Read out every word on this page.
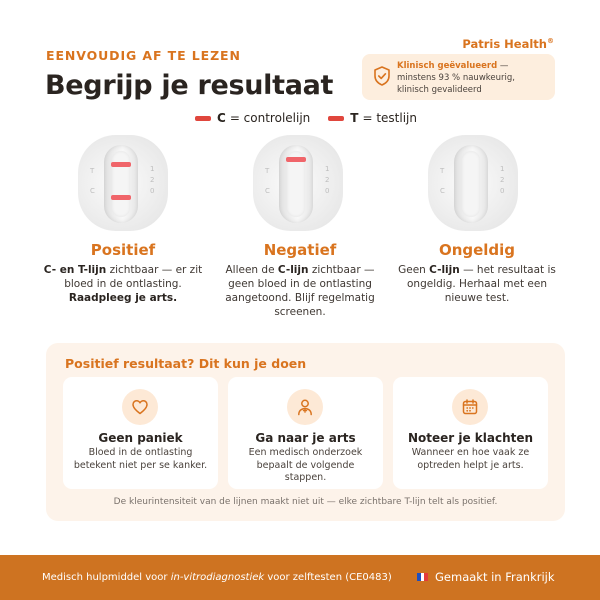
EENVOUDIG AF TE LEZEN
Begrijp je resultaat
Patris Health®
Klinisch geëvalueerd — minstens 93 % nauwkeurig, klinisch gevalideerd
C = controlelijn	T = testlijn
T
C
1
2
0
T
C
1
2
0
T
C
1
2
0
Positief
C- en T-lijn zichtbaar — er zit bloed in de ontlasting. Raadpleeg je arts.
Negatief
Alleen de C-lijn zichtbaar — geen bloed in de ontlasting aangetoond. Blijf regelmatig screenen.
Ongeldig
Geen C-lijn — het resultaat is ongeldig. Herhaal met een nieuwe test.
Positief resultaat? Dit kun je doen
Geen paniek
Bloed in de ontlasting betekent niet per se kanker.
Ga naar je arts
Een medisch onderzoek bepaalt de volgende stappen.
Noteer je klachten
Wanneer en hoe vaak ze optreden helpt je arts.
De kleurintensiteit van de lijnen maakt niet uit — elke zichtbare T-lijn telt als positief.
Medisch hulpmiddel voor in-vitrodiagnostiek voor zelftesten (CE0483)	Gemaakt in Frankrijk
